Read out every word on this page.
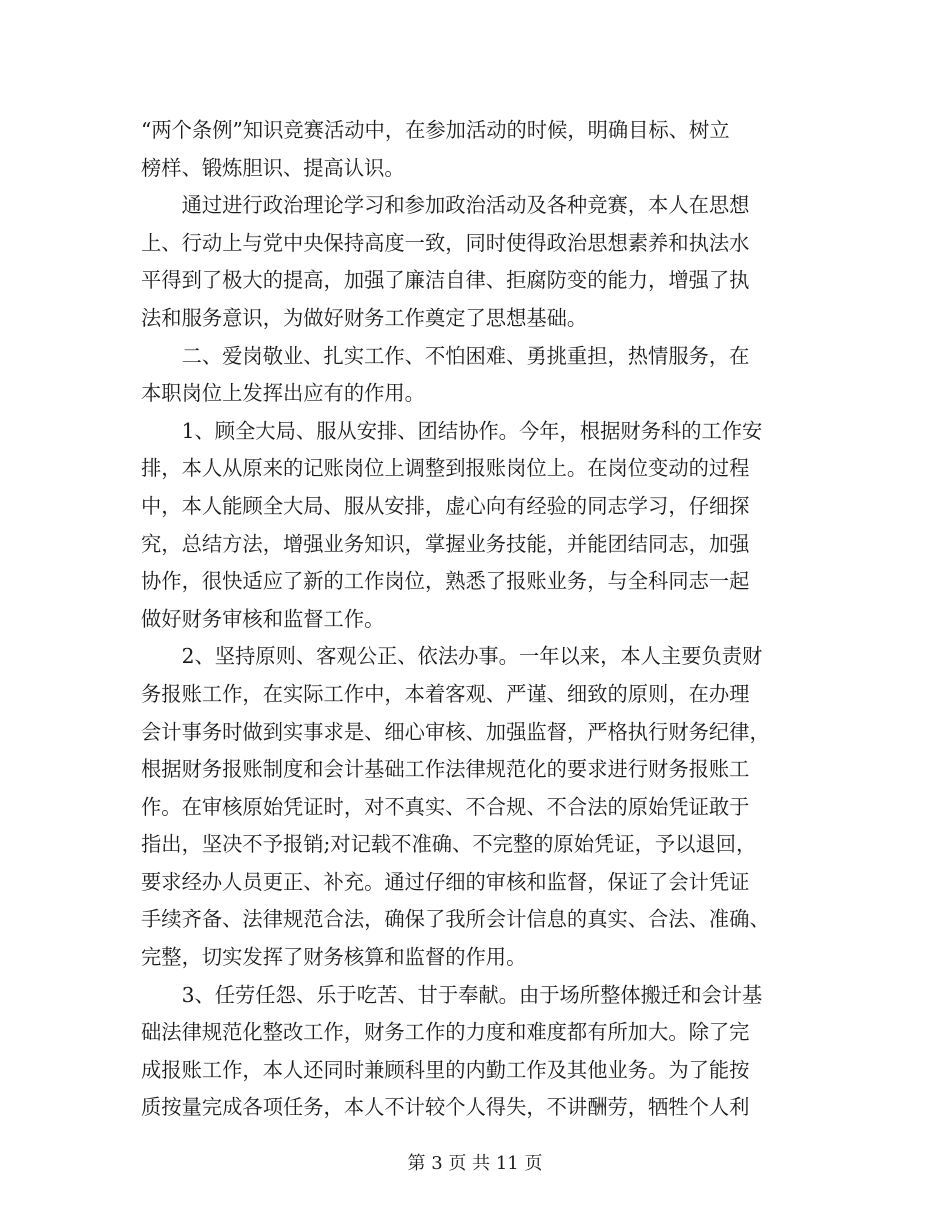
“两个条例”知识竞赛活动中，在参加活动的时候，明确目标、树立
榜样、锻炼胆识、提高认识。
　　通过进行政治理论学习和参加政治活动及各种竞赛，本人在思想
上、行动上与党中央保持高度一致，同时使得政治思想素养和执法水
平得到了极大的提高，加强了廉洁自律、拒腐防变的能力，增强了执
法和服务意识，为做好财务工作奠定了思想基础。
　　二、爱岗敬业、扎实工作、不怕困难、勇挑重担，热情服务，在
本职岗位上发挥出应有的作用。
　　1、顾全大局、服从安排、团结协作。今年，根据财务科的工作安
排，本人从原来的记账岗位上调整到报账岗位上。在岗位变动的过程
中，本人能顾全大局、服从安排，虚心向有经验的同志学习，仔细探
究，总结方法，增强业务知识，掌握业务技能，并能团结同志，加强
协作，很快适应了新的工作岗位，熟悉了报账业务，与全科同志一起
做好财务审核和监督工作。
　　2、坚持原则、客观公正、依法办事。一年以来，本人主要负责财
务报账工作，在实际工作中，本着客观、严谨、细致的原则，在办理
会计事务时做到实事求是、细心审核、加强监督，严格执行财务纪律，
根据财务报账制度和会计基础工作法律规范化的要求进行财务报账工
作。在审核原始凭证时，对不真实、不合规、不合法的原始凭证敢于
指出，坚决不予报销;对记载不准确、不完整的原始凭证，予以退回，
要求经办人员更正、补充。通过仔细的审核和监督，保证了会计凭证
手续齐备、法律规范合法，确保了我所会计信息的真实、合法、准确、
完整，切实发挥了财务核算和监督的作用。
　　3、任劳任怨、乐于吃苦、甘于奉献。由于场所整体搬迁和会计基
础法律规范化整改工作，财务工作的力度和难度都有所加大。除了完
成报账工作，本人还同时兼顾科里的内勤工作及其他业务。为了能按
质按量完成各项任务，本人不计较个人得失，不讲酬劳，牺牲个人利
第 3 页 共 11 页
